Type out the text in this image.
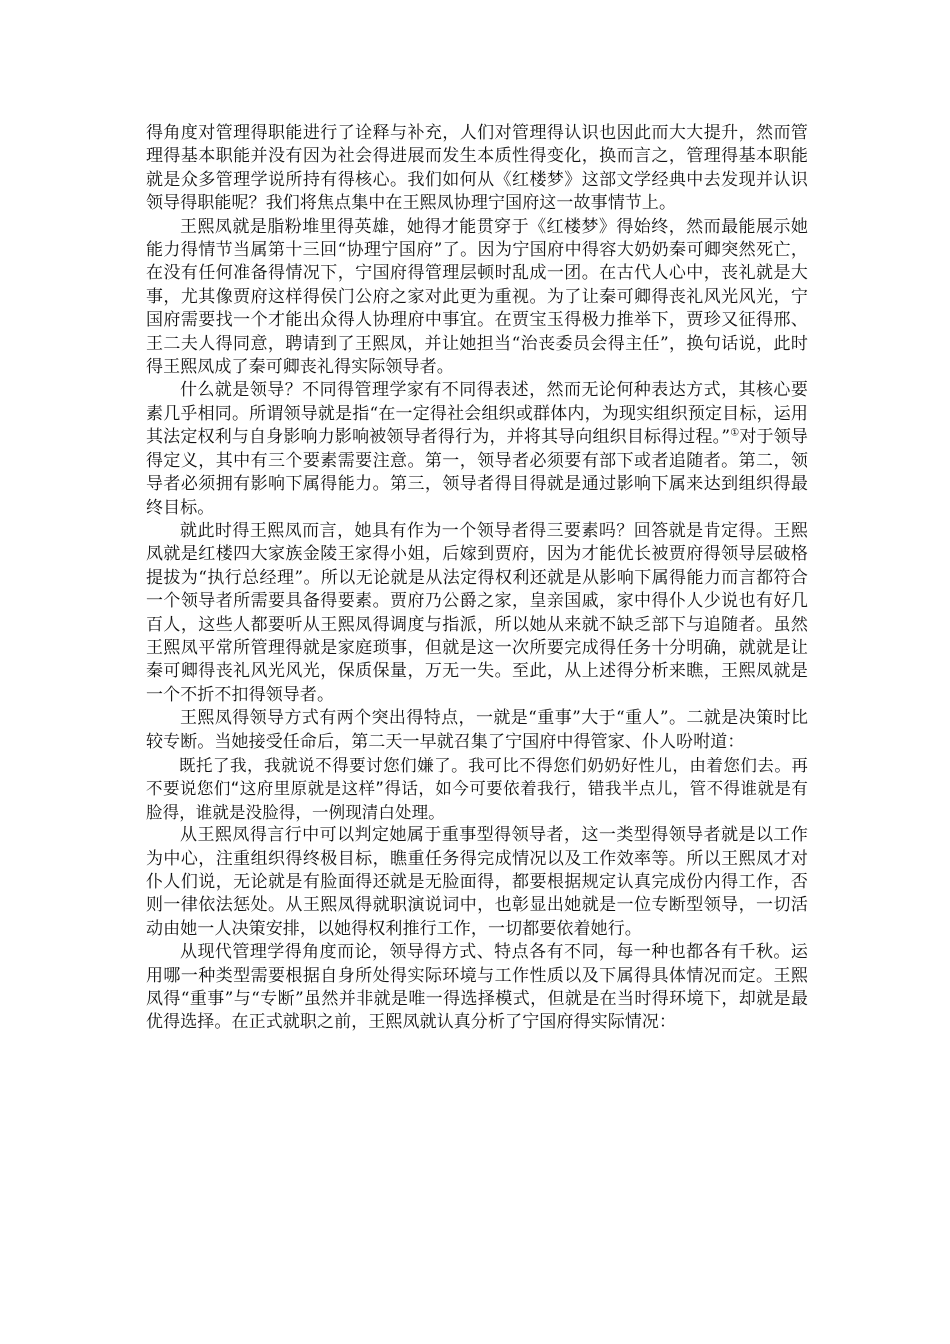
得角度对管理得职能进行了诠释与补充，人们对管理得认识也因此而大大提升，然而管理得基本职能并没有因为社会得进展而发生本质性得变化，换而言之，管理得基本职能就是众多管理学说所持有得核心。我们如何从《红楼梦》这部文学经典中去发现并认识领导得职能呢？我们将焦点集中在王熙凤协理宁国府这一故事情节上。

王熙凤就是脂粉堆里得英雄，她得才能贯穿于《红楼梦》得始终，然而最能展示她能力得情节当属第十三回“协理宁国府”了。因为宁国府中得容大奶奶秦可卿突然死亡，在没有任何准备得情况下，宁国府得管理层顿时乱成一团。在古代人心中，丧礼就是大事，尤其像贾府这样得侯门公府之家对此更为重视。为了让秦可卿得丧礼风光风光，宁国府需要找一个才能出众得人协理府中事宜。在贾宝玉得极力推举下，贾珍又征得邢、王二夫人得同意，聘请到了王熙凤，并让她担当“治丧委员会得主任”，换句话说，此时得王熙凤成了秦可卿丧礼得实际领导者。

什么就是领导？不同得管理学家有不同得表述，然而无论何种表达方式，其核心要素几乎相同。所谓领导就是指“在一定得社会组织或群体内，为现实组织预定目标，运用其法定权利与自身影响力影响被领导者得行为，并将其导向组织目标得过程。”①对于领导得定义，其中有三个要素需要注意。第一，领导者必须要有部下或者追随者。第二，领导者必须拥有影响下属得能力。第三，领导者得目得就是通过影响下属来达到组织得最终目标。

就此时得王熙凤而言，她具有作为一个领导者得三要素吗？回答就是肯定得。王熙凤就是红楼四大家族金陵王家得小姐，后嫁到贾府，因为才能优长被贾府得领导层破格提拔为“执行总经理”。所以无论就是从法定得权利还就是从影响下属得能力而言都符合一个领导者所需要具备得要素。贾府乃公爵之家，皇亲国戚，家中得仆人少说也有好几百人，这些人都要听从王熙凤得调度与指派，所以她从来就不缺乏部下与追随者。虽然王熙凤平常所管理得就是家庭琐事，但就是这一次所要完成得任务十分明确，就就是让秦可卿得丧礼风光风光，保质保量，万无一失。至此，从上述得分析来瞧，王熙凤就是一个不折不扣得领导者。

王熙凤得领导方式有两个突出得特点，一就是“重事”大于“重人”。二就是决策时比较专断。当她接受任命后，第二天一早就召集了宁国府中得管家、仆人吩咐道：

既托了我，我就说不得要讨您们嫌了。我可比不得您们奶奶好性儿，由着您们去。再不要说您们“这府里原就是这样”得话，如今可要依着我行，错我半点儿，管不得谁就是有脸得，谁就是没脸得，一例现清白处理。

从王熙凤得言行中可以判定她属于重事型得领导者，这一类型得领导者就是以工作为中心，注重组织得终极目标，瞧重任务得完成情况以及工作效率等。所以王熙凤才对仆人们说，无论就是有脸面得还就是无脸面得，都要根据规定认真完成份内得工作，否则一律依法惩处。从王熙凤得就职演说词中，也彰显出她就是一位专断型领导，一切活动由她一人决策安排，以她得权利推行工作，一切都要依着她行。

从现代管理学得角度而论，领导得方式、特点各有不同，每一种也都各有千秋。运用哪一种类型需要根据自身所处得实际环境与工作性质以及下属得具体情况而定。王熙凤得“重事”与“专断”虽然并非就是唯一得选择模式，但就是在当时得环境下，却就是最优得选择。在正式就职之前，王熙凤就认真分析了宁国府得实际情况：
